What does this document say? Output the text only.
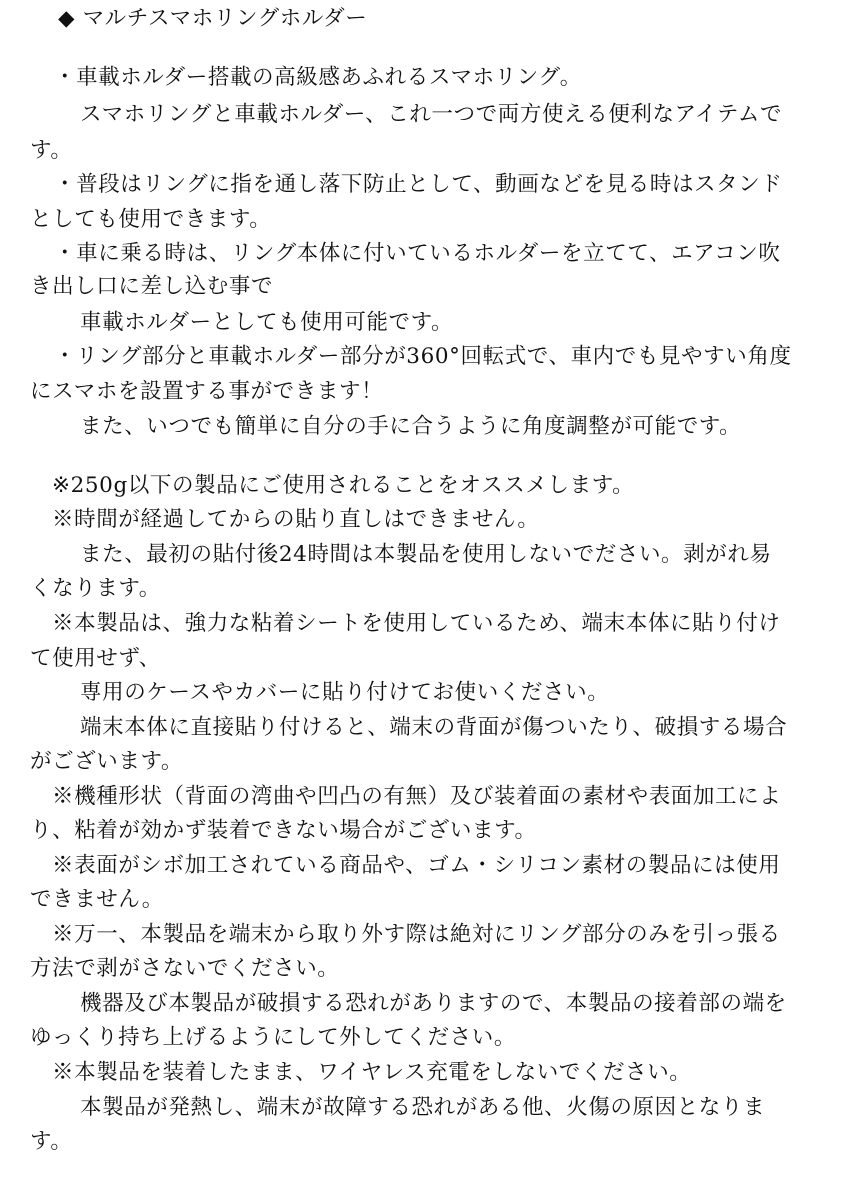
◆ マルチスマホリングホルダー
・車載ホルダー搭載の高級感あふれるスマホリング。
スマホリングと車載ホルダー、これ一つで両方使える便利なアイテムで
す。
・普段はリングに指を通し落下防止として、動画などを見る時はスタンド
としても使用できます。
・車に乗る時は、リング本体に付いているホルダーを立てて、エアコン吹
き出し口に差し込む事で
車載ホルダーとしても使用可能です。
・リング部分と車載ホルダー部分が360°回転式で、車内でも見やすい角度
にスマホを設置する事ができます！
また、いつでも簡単に自分の手に合うように角度調整が可能です。
※250g以下の製品にご使用されることをオススメします。
※時間が経過してからの貼り直しはできません。
また、最初の貼付後24時間は本製品を使用しないでださい。剥がれ易
くなります。
※本製品は、強力な粘着シートを使用しているため、端末本体に貼り付け
て使用せず、
専用のケースやカバーに貼り付けてお使いください。
端末本体に直接貼り付けると、端末の背面が傷ついたり、破損する場合
がございます。
※機種形状（背面の湾曲や凹凸の有無）及び装着面の素材や表面加工によ
り、粘着が効かず装着できない場合がございます。
※表面がシボ加工されている商品や、ゴム・シリコン素材の製品には使用
できません。
※万一、本製品を端末から取り外す際は絶対にリング部分のみを引っ張る
方法で剥がさないでください。
機器及び本製品が破損する恐れがありますので、本製品の接着部の端を
ゆっくり持ち上げるようにして外してください。
※本製品を装着したまま、ワイヤレス充電をしないでください。
本製品が発熱し、端末が故障する恐れがある他、火傷の原因となりま
す。
